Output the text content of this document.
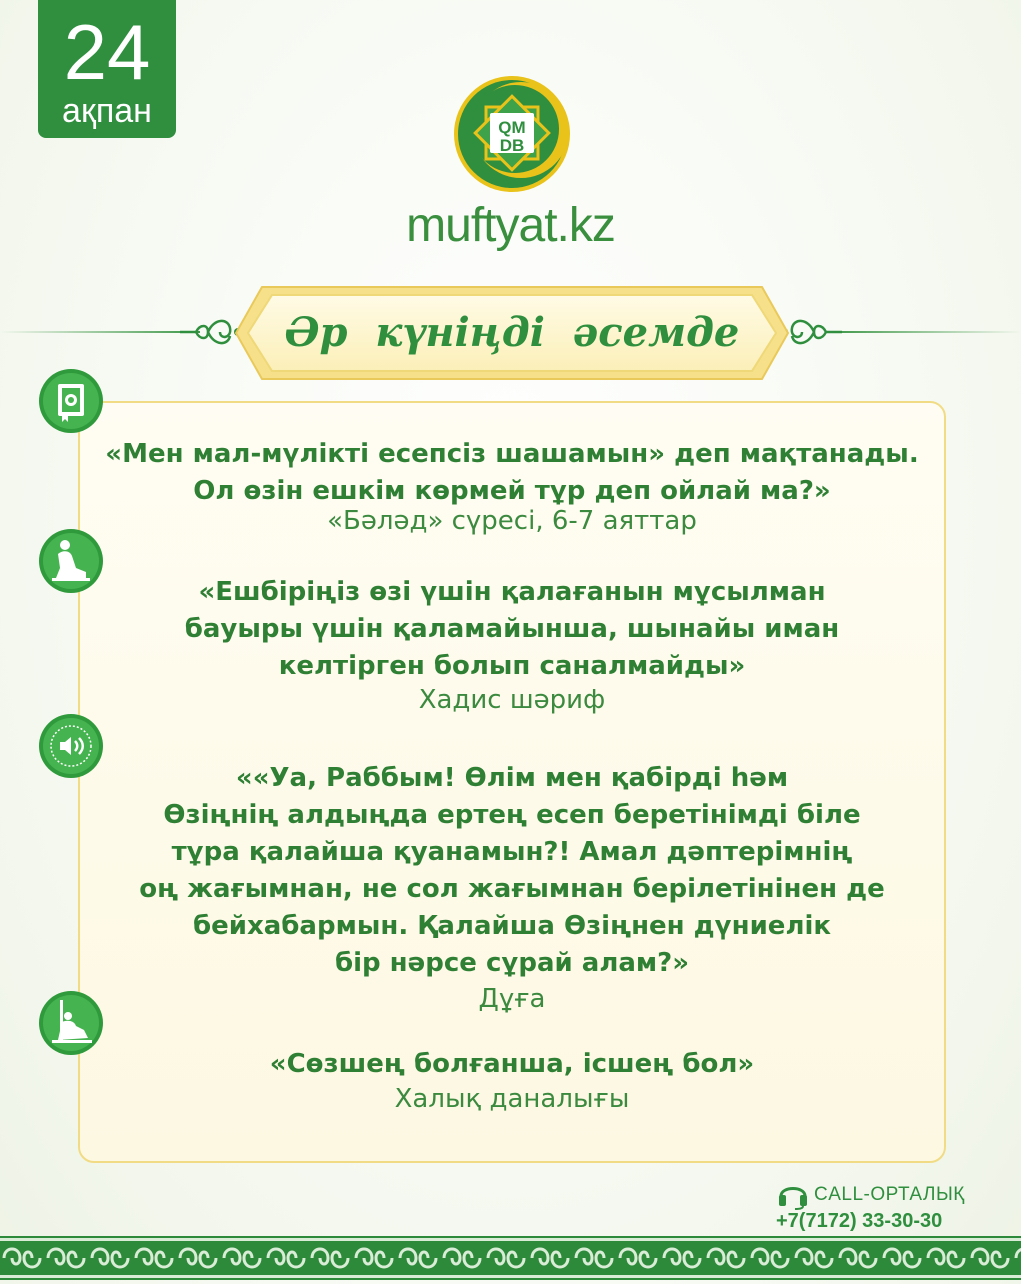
24
ақпан	QM
DB
muftyat.kz
Әр күніңді әсемде
«Мен мал-мүлікті есепсіз шашамын» деп мақтанады.
Ол өзін ешкім көрмей тұр деп ойлай ма?»
«Бәләд» сүресі, 6-7 аяттар
«Ешбіріңіз өзі үшін қалағанын мұсылман
бауыры үшін қаламайынша, шынайы иман
келтірген болып саналмайды»
Хадис шәриф
««Уа, Раббым! Өлім мен қабірді һәм
Өзіңнің алдыңда ертең есеп беретінімді біле
тұра қалайша қуанамын?! Амал дәптерімнің
оң жағымнан, не сол жағымнан берілетінінен де
бейхабармын. Қалайша Өзіңнен дүниелік
бір нәрсе сұрай алам?»
Дұға
«Сөзшең болғанша, ісшең бол»
Халық даналығы
CALL-ОРТАЛЫҚ
+7(7172) 33-30-30
